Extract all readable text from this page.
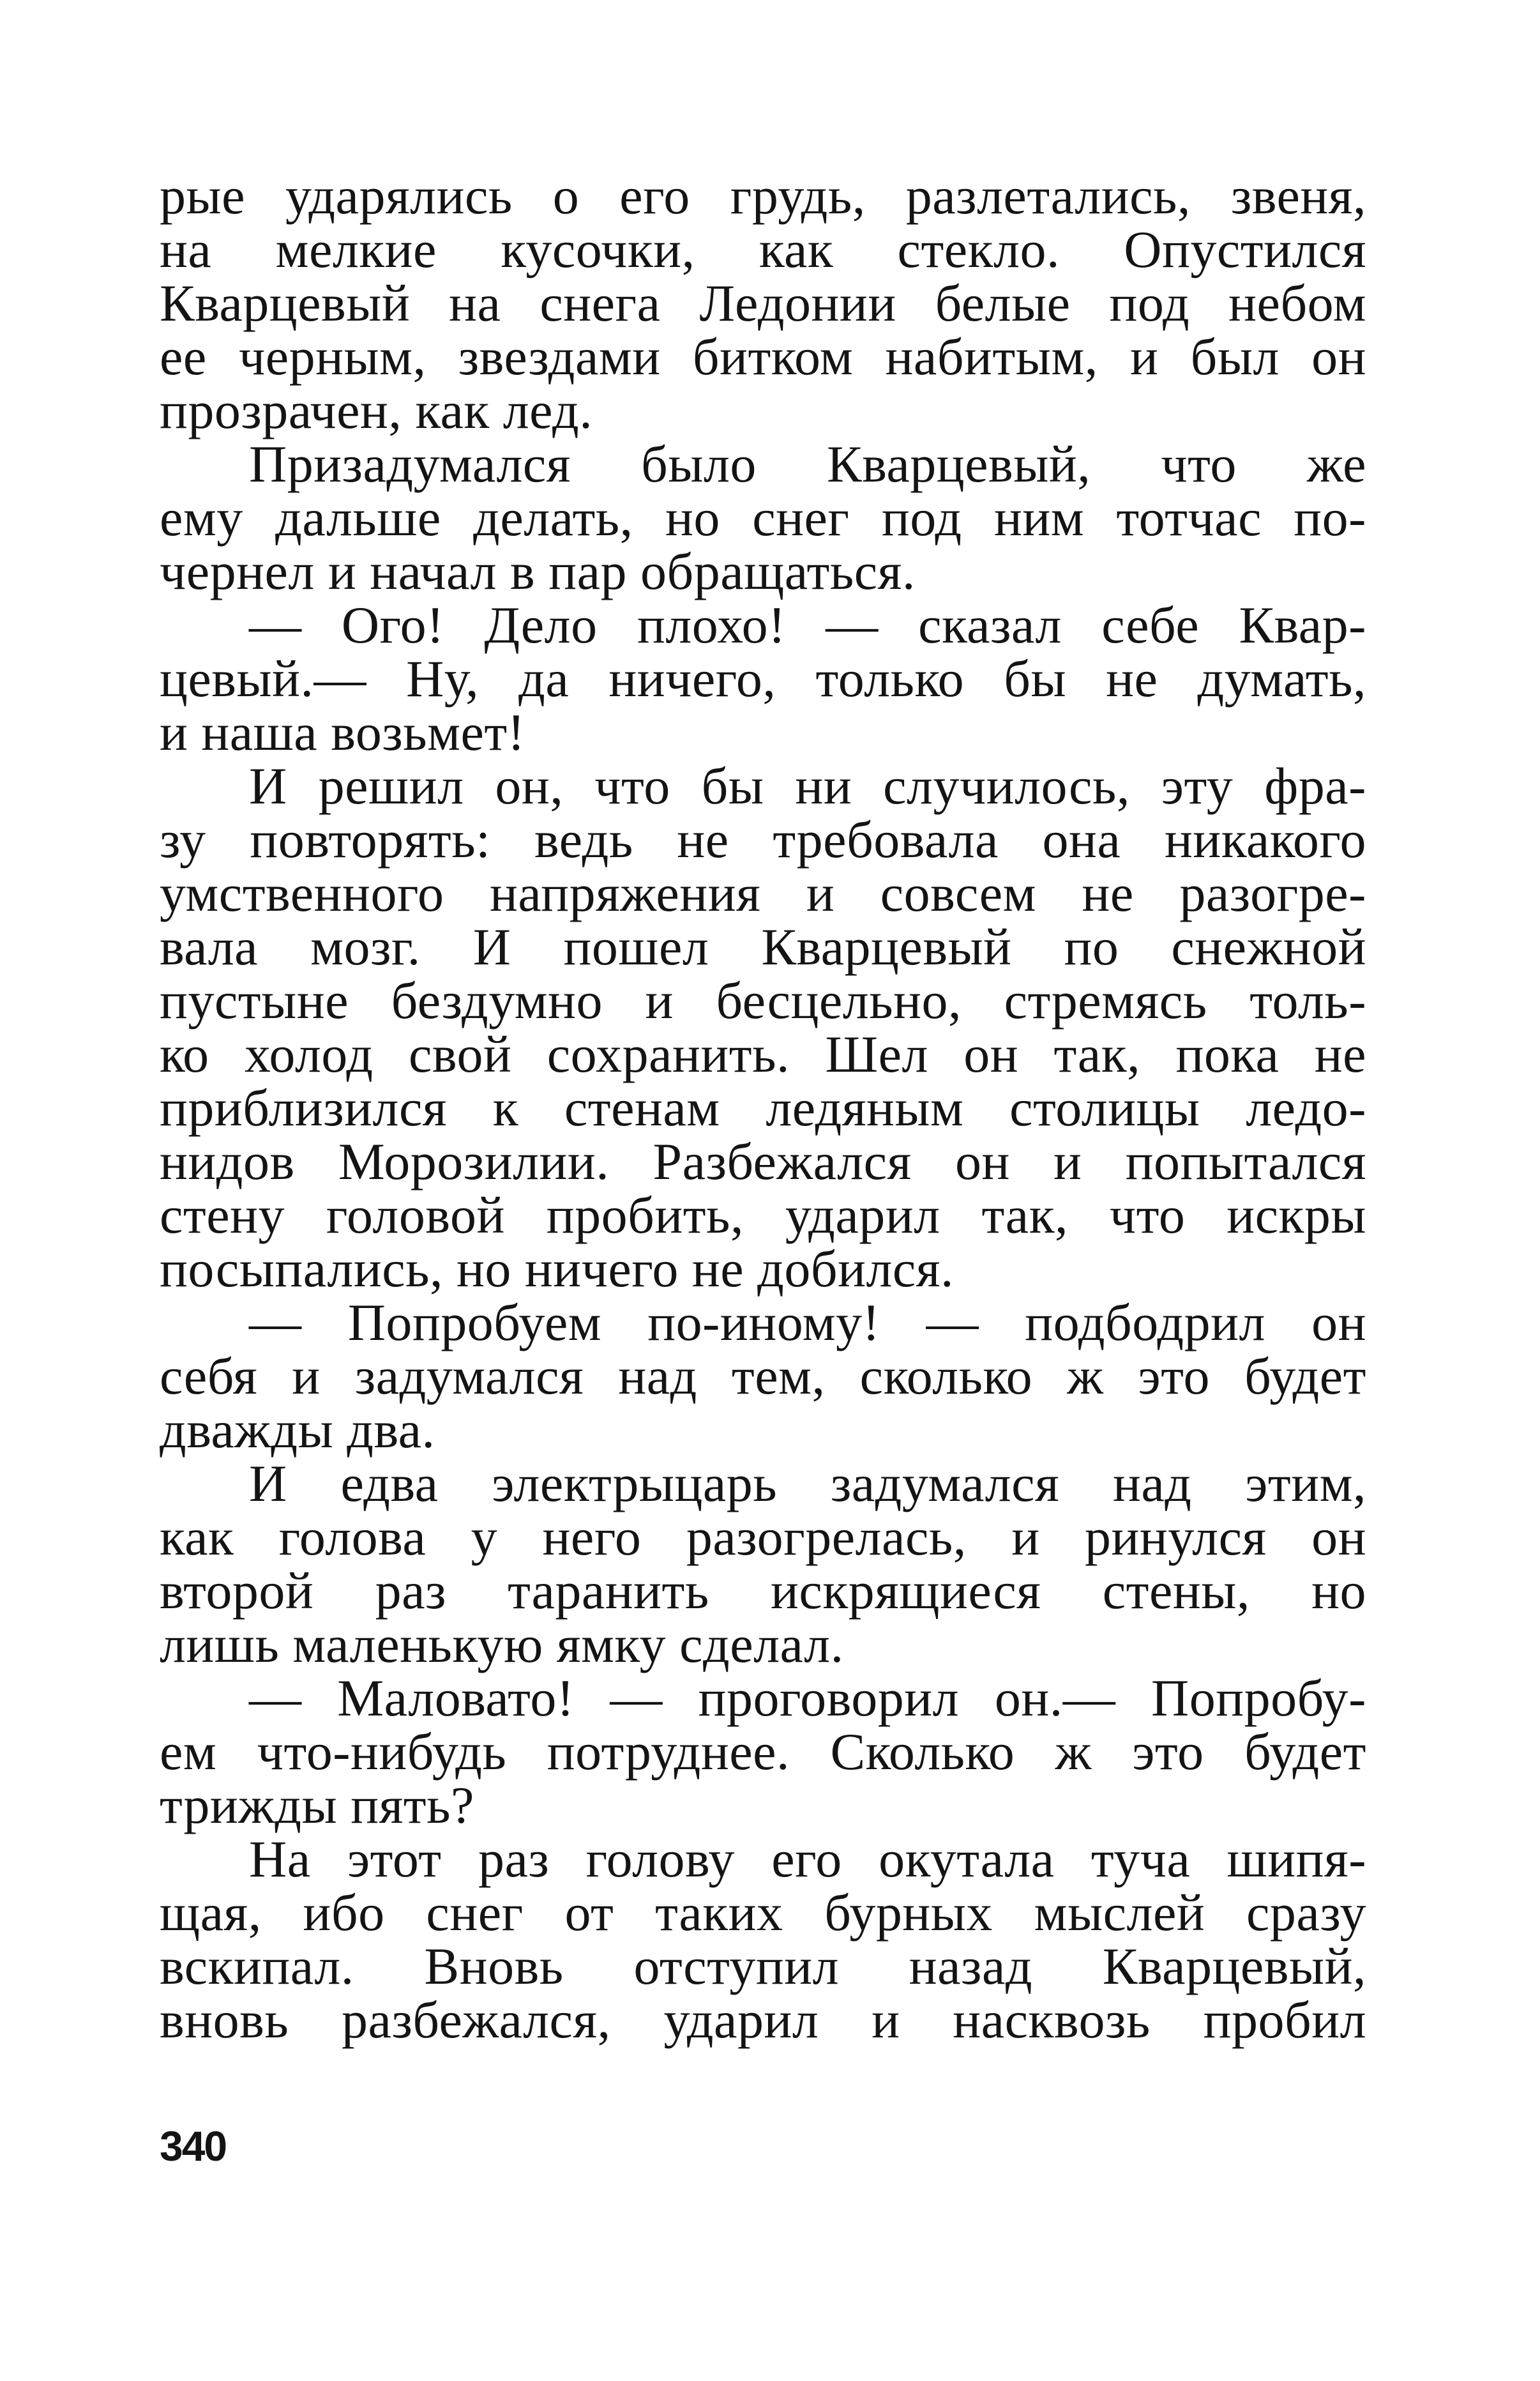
рые ударялись о его грудь, разлетались, звеня,
на мелкие кусочки, как стекло. Опустился
Кварцевый на снега Ледонии белые под небом
ее черным, звездами битком набитым, и был он
прозрачен, как лед.
Призадумался было Кварцевый, что же
ему дальше делать, но снег под ним тотчас по-
чернел и начал в пар обращаться.
— Ого! Дело плохо! — сказал себе Квар-
цевый.— Ну, да ничего, только бы не думать,
и наша возьмет!
И решил он, что бы ни случилось, эту фра-
зу повторять: ведь не требовала она никакого
умственного напряжения и совсем не разогре-
вала мозг. И пошел Кварцевый по снежной
пустыне бездумно и бесцельно, стремясь толь-
ко холод свой сохранить. Шел он так, пока не
приблизился к стенам ледяным столицы ледо-
нидов Морозилии. Разбежался он и попытался
стену головой пробить, ударил так, что искры
посыпались, но ничего не добился.
— Попробуем по-иному! — подбодрил он
себя и задумался над тем, сколько ж это будет
дважды два.
И едва электрыцарь задумался над этим,
как голова у него разогрелась, и ринулся он
второй раз таранить искрящиеся стены, но
лишь маленькую ямку сделал.
— Маловато! — проговорил он.— Попробу-
ем что-нибудь потруднее. Сколько ж это будет
трижды пять?
На этот раз голову его окутала туча шипя-
щая, ибо снег от таких бурных мыслей сразу
вскипал. Вновь отступил назад Кварцевый,
340
вновь разбежался, ударил и насквозь пробил
